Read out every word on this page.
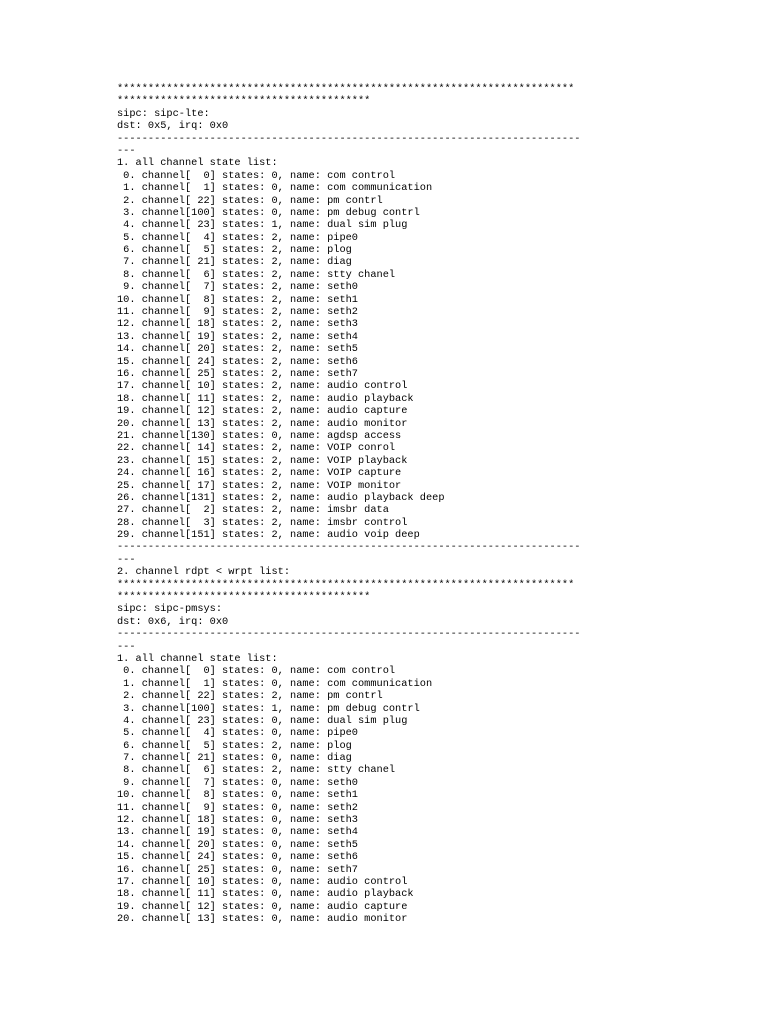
**************************************************************************
*****************************************
sipc: sipc-lte:
dst: 0x5, irq: 0x0
---------------------------------------------------------------------------
---
1. all channel state list:
0. channel[  0] states: 0, name: com control
1. channel[  1] states: 0, name: com communication
2. channel[ 22] states: 0, name: pm contrl
3. channel[100] states: 0, name: pm debug contrl
4. channel[ 23] states: 1, name: dual sim plug
5. channel[  4] states: 2, name: pipe0
6. channel[  5] states: 2, name: plog
7. channel[ 21] states: 2, name: diag
8. channel[  6] states: 2, name: stty chanel
9. channel[  7] states: 2, name: seth0
10. channel[  8] states: 2, name: seth1
11. channel[  9] states: 2, name: seth2
12. channel[ 18] states: 2, name: seth3
13. channel[ 19] states: 2, name: seth4
14. channel[ 20] states: 2, name: seth5
15. channel[ 24] states: 2, name: seth6
16. channel[ 25] states: 2, name: seth7
17. channel[ 10] states: 2, name: audio control
18. channel[ 11] states: 2, name: audio playback
19. channel[ 12] states: 2, name: audio capture
20. channel[ 13] states: 2, name: audio monitor
21. channel[130] states: 0, name: agdsp access
22. channel[ 14] states: 2, name: VOIP conrol
23. channel[ 15] states: 2, name: VOIP playback
24. channel[ 16] states: 2, name: VOIP capture
25. channel[ 17] states: 2, name: VOIP monitor
26. channel[131] states: 2, name: audio playback deep
27. channel[  2] states: 2, name: imsbr data
28. channel[  3] states: 2, name: imsbr control
29. channel[151] states: 2, name: audio voip deep
---------------------------------------------------------------------------
---
2. channel rdpt < wrpt list:
**************************************************************************
*****************************************
sipc: sipc-pmsys:
dst: 0x6, irq: 0x0
---------------------------------------------------------------------------
---
1. all channel state list:
0. channel[  0] states: 0, name: com control
1. channel[  1] states: 0, name: com communication
2. channel[ 22] states: 2, name: pm contrl
3. channel[100] states: 1, name: pm debug contrl
4. channel[ 23] states: 0, name: dual sim plug
5. channel[  4] states: 0, name: pipe0
6. channel[  5] states: 2, name: plog
7. channel[ 21] states: 0, name: diag
8. channel[  6] states: 2, name: stty chanel
9. channel[  7] states: 0, name: seth0
10. channel[  8] states: 0, name: seth1
11. channel[  9] states: 0, name: seth2
12. channel[ 18] states: 0, name: seth3
13. channel[ 19] states: 0, name: seth4
14. channel[ 20] states: 0, name: seth5
15. channel[ 24] states: 0, name: seth6
16. channel[ 25] states: 0, name: seth7
17. channel[ 10] states: 0, name: audio control
18. channel[ 11] states: 0, name: audio playback
19. channel[ 12] states: 0, name: audio capture
20. channel[ 13] states: 0, name: audio monitor
